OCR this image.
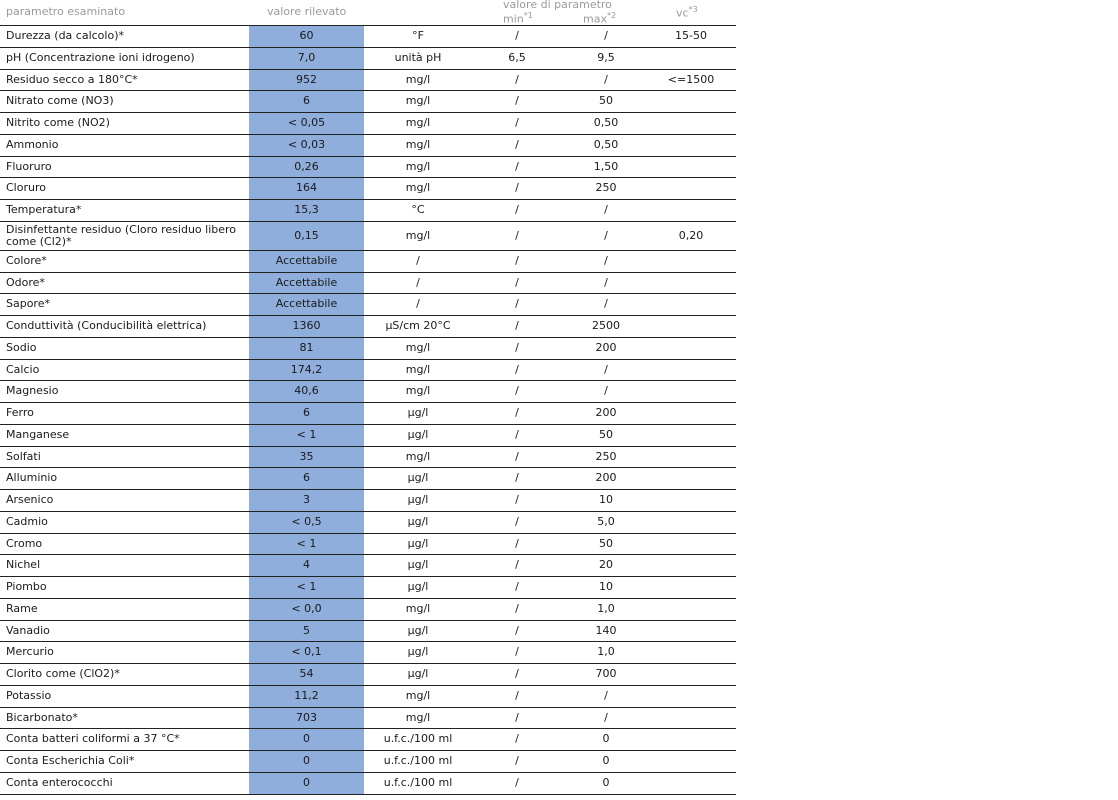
parametro esaminato	valore rilevato
valore di parametro
$\min^{*1}$	$\max^{*2}$	$vc^{*3}$
Durezza (da calcolo)*	60	°F	/	/	15-50
pH (Concentrazione ioni idrogeno)	7,0	unità pH	6,5	9,5
Residuo secco a 180°C*	952	mg/l	/	/	<=1500
Nitrato come (NO3)	6	mg/l	/	50
Nitrito come (NO2)	< 0,05	mg/l	/	0,50
Ammonio	< 0,03	mg/l	/	0,50
Fluoruro	0,26	mg/l	/	1,50
Cloruro	164	mg/l	/	250
Temperatura*	15,3	°C	/	/
Disinfettante residuo (Cloro residuo libero come (Cl2)*	0,15	mg/l	/	/	0,20
Colore*	Accettabile	/	/	/
Odore*	Accettabile	/	/	/
Sapore*	Accettabile	/	/	/
Conduttività (Conducibilità elettrica)	1360	µS/cm 20°C	/	2500
Sodio	81	mg/l	/	200
Calcio	174,2	mg/l	/	/
Magnesio	40,6	mg/l	/	/
Ferro	6	µg/l	/	200
Manganese	< 1	µg/l	/	50
Solfati	35	mg/l	/	250
Alluminio	6	µg/l	/	200
Arsenico	3	µg/l	/	10
Cadmio	< 0,5	µg/l	/	5,0
Cromo	< 1	µg/l	/	50
Nichel	4	µg/l	/	20
Piombo	< 1	µg/l	/	10
Rame	< 0,0	mg/l	/	1,0
Vanadio	5	µg/l	/	140
Mercurio	< 0,1	µg/l	/	1,0
Clorito come (ClO2)*	54	µg/l	/	700
Potassio	11,2	mg/l	/	/
Bicarbonato*	703	mg/l	/	/
Conta batteri coliformi a 37 °C*	0	u.f.c./100 ml	/	0
Conta Escherichia Coli*	0	u.f.c./100 ml	/	0
Conta enterococchi	0	u.f.c./100 ml	/	0
